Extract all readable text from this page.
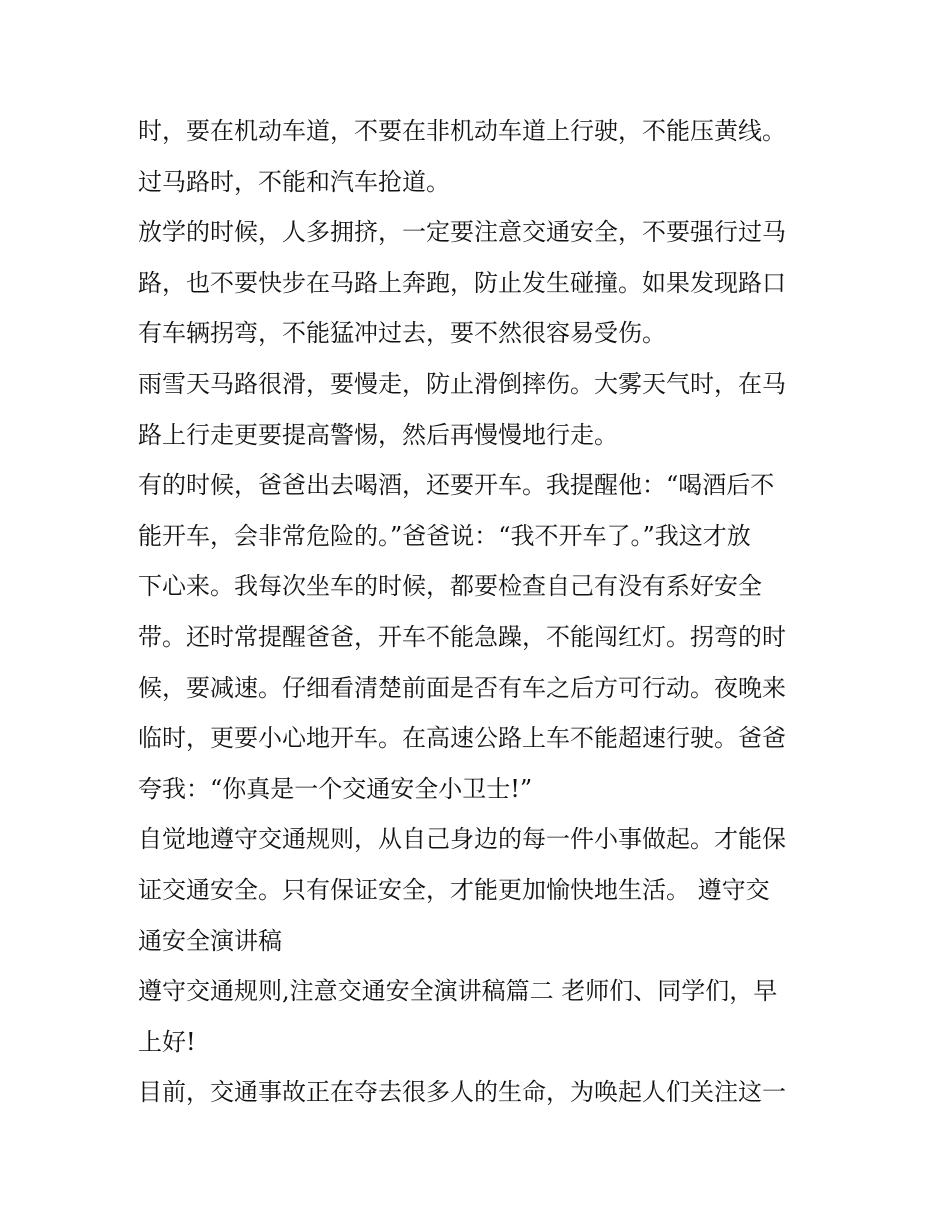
时，要在机动车道，不要在非机动车道上行驶，不能压黄线。
过马路时，不能和汽车抢道。
放学的时候，人多拥挤，一定要注意交通安全，不要强行过马
路，也不要快步在马路上奔跑，防止发生碰撞。如果发现路口
有车辆拐弯，不能猛冲过去，要不然很容易受伤。
雨雪天马路很滑，要慢走，防止滑倒摔伤。大雾天气时，在马
路上行走更要提高警惕，然后再慢慢地行走。
有的时候，爸爸出去喝酒，还要开车。我提醒他：“喝酒后不
能开车，会非常危险的。”爸爸说：“我不开车了。”我这才放
下心来。我每次坐车的时候，都要检查自己有没有系好安全
带。还时常提醒爸爸，开车不能急躁，不能闯红灯。拐弯的时
候，要减速。仔细看清楚前面是否有车之后方可行动。夜晚来
临时，更要小心地开车。在高速公路上车不能超速行驶。爸爸
夸我：“你真是一个交通安全小卫士!”
自觉地遵守交通规则，从自己身边的每一件小事做起。才能保
证交通安全。只有保证安全，才能更加愉快地生活。 遵守交
通安全演讲稿
遵守交通规则,注意交通安全演讲稿篇二 老师们、同学们，早
上好!
目前，交通事故正在夺去很多人的生命，为唤起人们关注这一
